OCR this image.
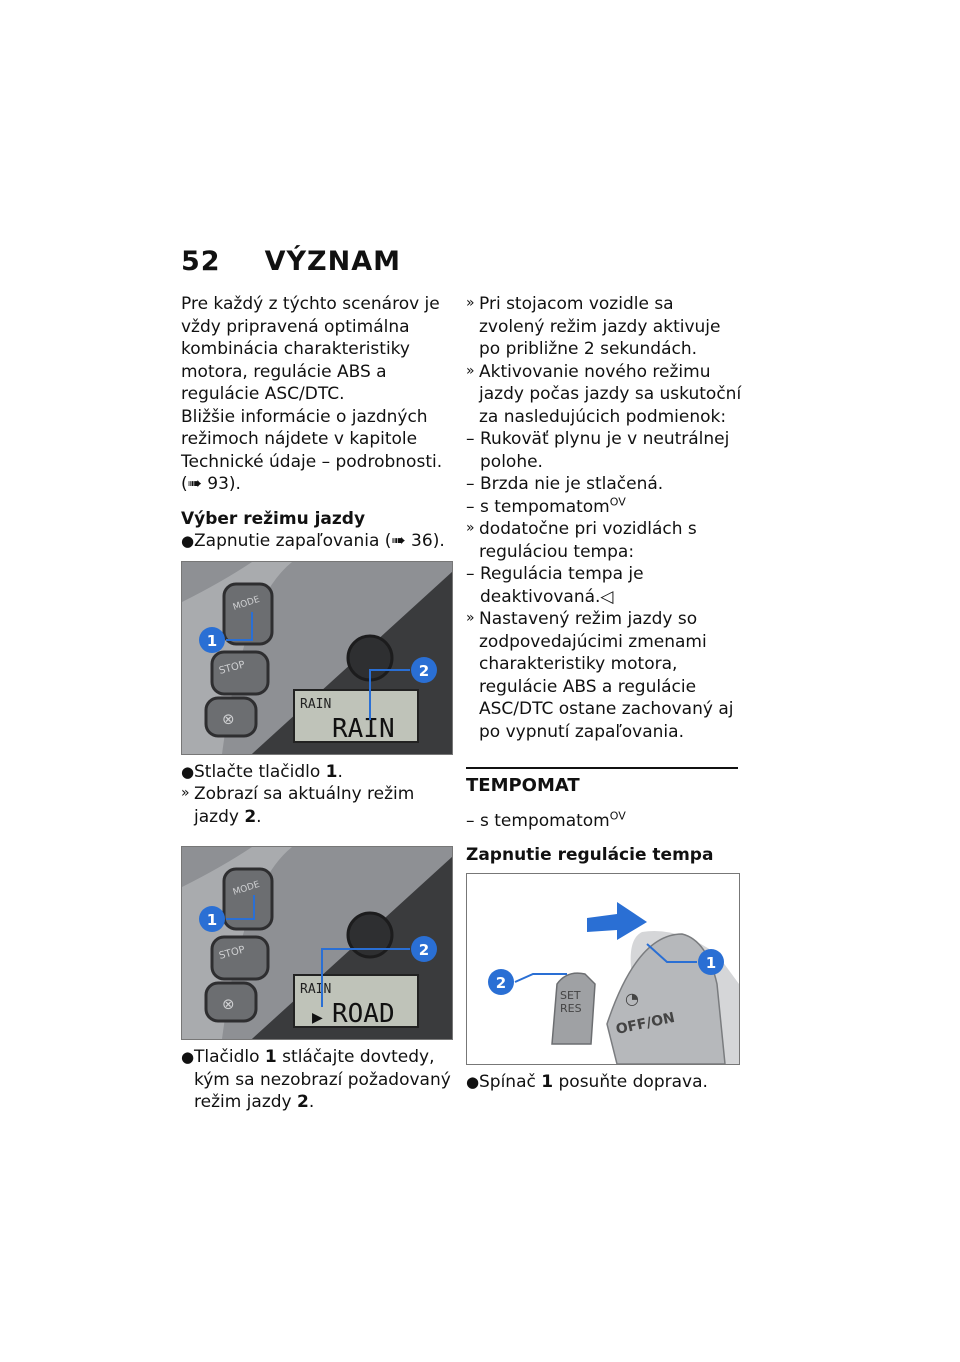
52 VÝZNAM

Pre každý z týchto scenárov je vždy pripravená optimálna kombinácia charakteristiky motora, regulácie ABS a regulácie ASC/DTC.

Bližšie informácie o jazdných režimoch nájdete v kapitole Technické údaje – podrobnosti. (➠ 93).

Výber režimu jazdy

● Zapnutie zapaľovania (➠ 36).

MODE
STOP
⊗
RAIN
RAIN
1
2

● Stlačte tlačidlo 1.

» Zobrazí sa aktuálny režim jazdy 2.

MODE
STOP
⊗
RAIN
▶ ROAD
1
2

● Tlačidlo 1 stláčajte dovtedy, kým sa nezobrazí požadovaný režim jazdy 2.

» Pri stojacom vozidle sa zvolený režim jazdy aktivuje po približne 2 sekundách.

» Aktivovanie nového režimu jazdy počas jazdy sa uskutoční za nasledujúcich podmienok:

– Rukoväť plynu je v neutrálnej polohe.

– Brzda nie je stlačená.

– s tempomatom$^{OV}$

» dodatočne pri vozidlách s reguláciou tempa:

– Regulácia tempa je deaktivovaná.◁

» Nastavený režim jazdy so zodpovedajúcimi zmenami charakteristiky motora, regulácie ABS a regulácie ASC/DTC ostane zachovaný aj po vypnutí zapaľovania.

TEMPOMAT

– s tempomatom$^{OV}$

Zapnutie regulácie tempa

SET
RES
◔
OFF/ON
1
2

● Spínač 1 posuňte doprava.
